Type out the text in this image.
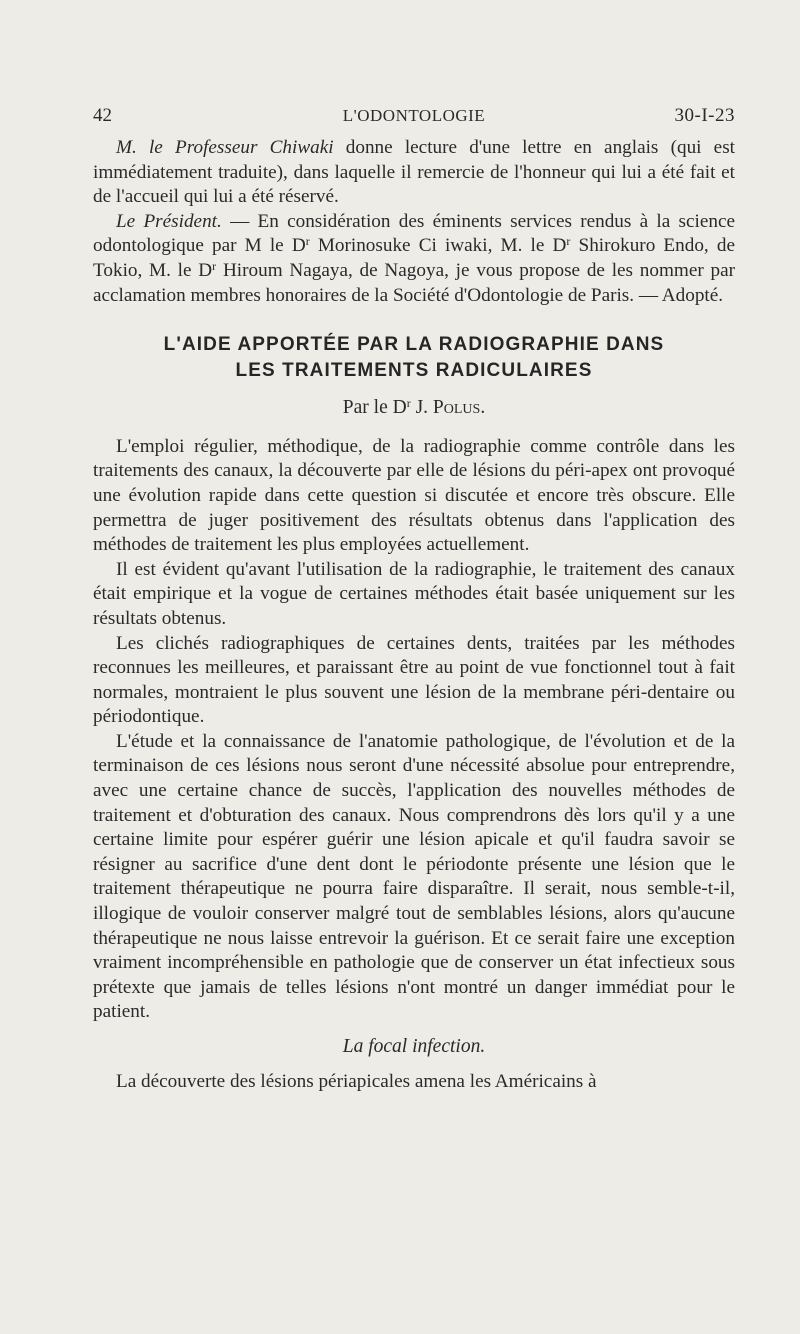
42	L'ODONTOLOGIE	30-I-23

M. le Professeur Chiwaki donne lecture d'une lettre en anglais (qui est immédiatement traduite), dans laquelle il remercie de l'honneur qui lui a été fait et de l'accueil qui lui a été réservé.

Le Président. — En considération des éminents services rendus à la science odontologique par M le $D^r$ Morinosuke Ci iwaki, M. le $D^r$ Shirokuro Endo, de Tokio, M. le $D^r$ Hiroum Nagaya, de Nagoya, je vous propose de les nommer par acclamation membres honoraires de la Société d'Odontologie de Paris. — Adopté.

L'AIDE APPORTÉE PAR LA RADIOGRAPHIE DANS
LES TRAITEMENTS RADICULAIRES
Par le $D^r$ J. Polus.

L'emploi régulier, méthodique, de la radiographie comme contrôle dans les traitements des canaux, la découverte par elle de lésions du péri-apex ont provoqué une évolution rapide dans cette question si discutée et encore très obscure. Elle permettra de juger positivement des résultats obtenus dans l'application des méthodes de traitement les plus employées actuellement.

Il est évident qu'avant l'utilisation de la radiographie, le traitement des canaux était empirique et la vogue de certaines méthodes était basée uniquement sur les résultats obtenus.

Les clichés radiographiques de certaines dents, traitées par les méthodes reconnues les meilleures, et paraissant être au point de vue fonctionnel tout à fait normales, montraient le plus souvent une lésion de la membrane péri-dentaire ou périodontique.

L'étude et la connaissance de l'anatomie pathologique, de l'évolution et de la terminaison de ces lésions nous seront d'une nécessité absolue pour entreprendre, avec une certaine chance de succès, l'application des nouvelles méthodes de traitement et d'obturation des canaux. Nous comprendrons dès lors qu'il y a une certaine limite pour espérer guérir une lésion apicale et qu'il faudra savoir se résigner au sacrifice d'une dent dont le périodonte présente une lésion que le traitement thérapeutique ne pourra faire disparaître. Il serait, nous semble-t-il, illogique de vouloir conserver malgré tout de semblables lésions, alors qu'aucune thérapeutique ne nous laisse entrevoir la guérison. Et ce serait faire une exception vraiment incompréhensible en pathologie que de conserver un état infectieux sous prétexte que jamais de telles lésions n'ont montré un danger immédiat pour le patient.

La focal infection.

La découverte des lésions périapicales amena les Américains à
